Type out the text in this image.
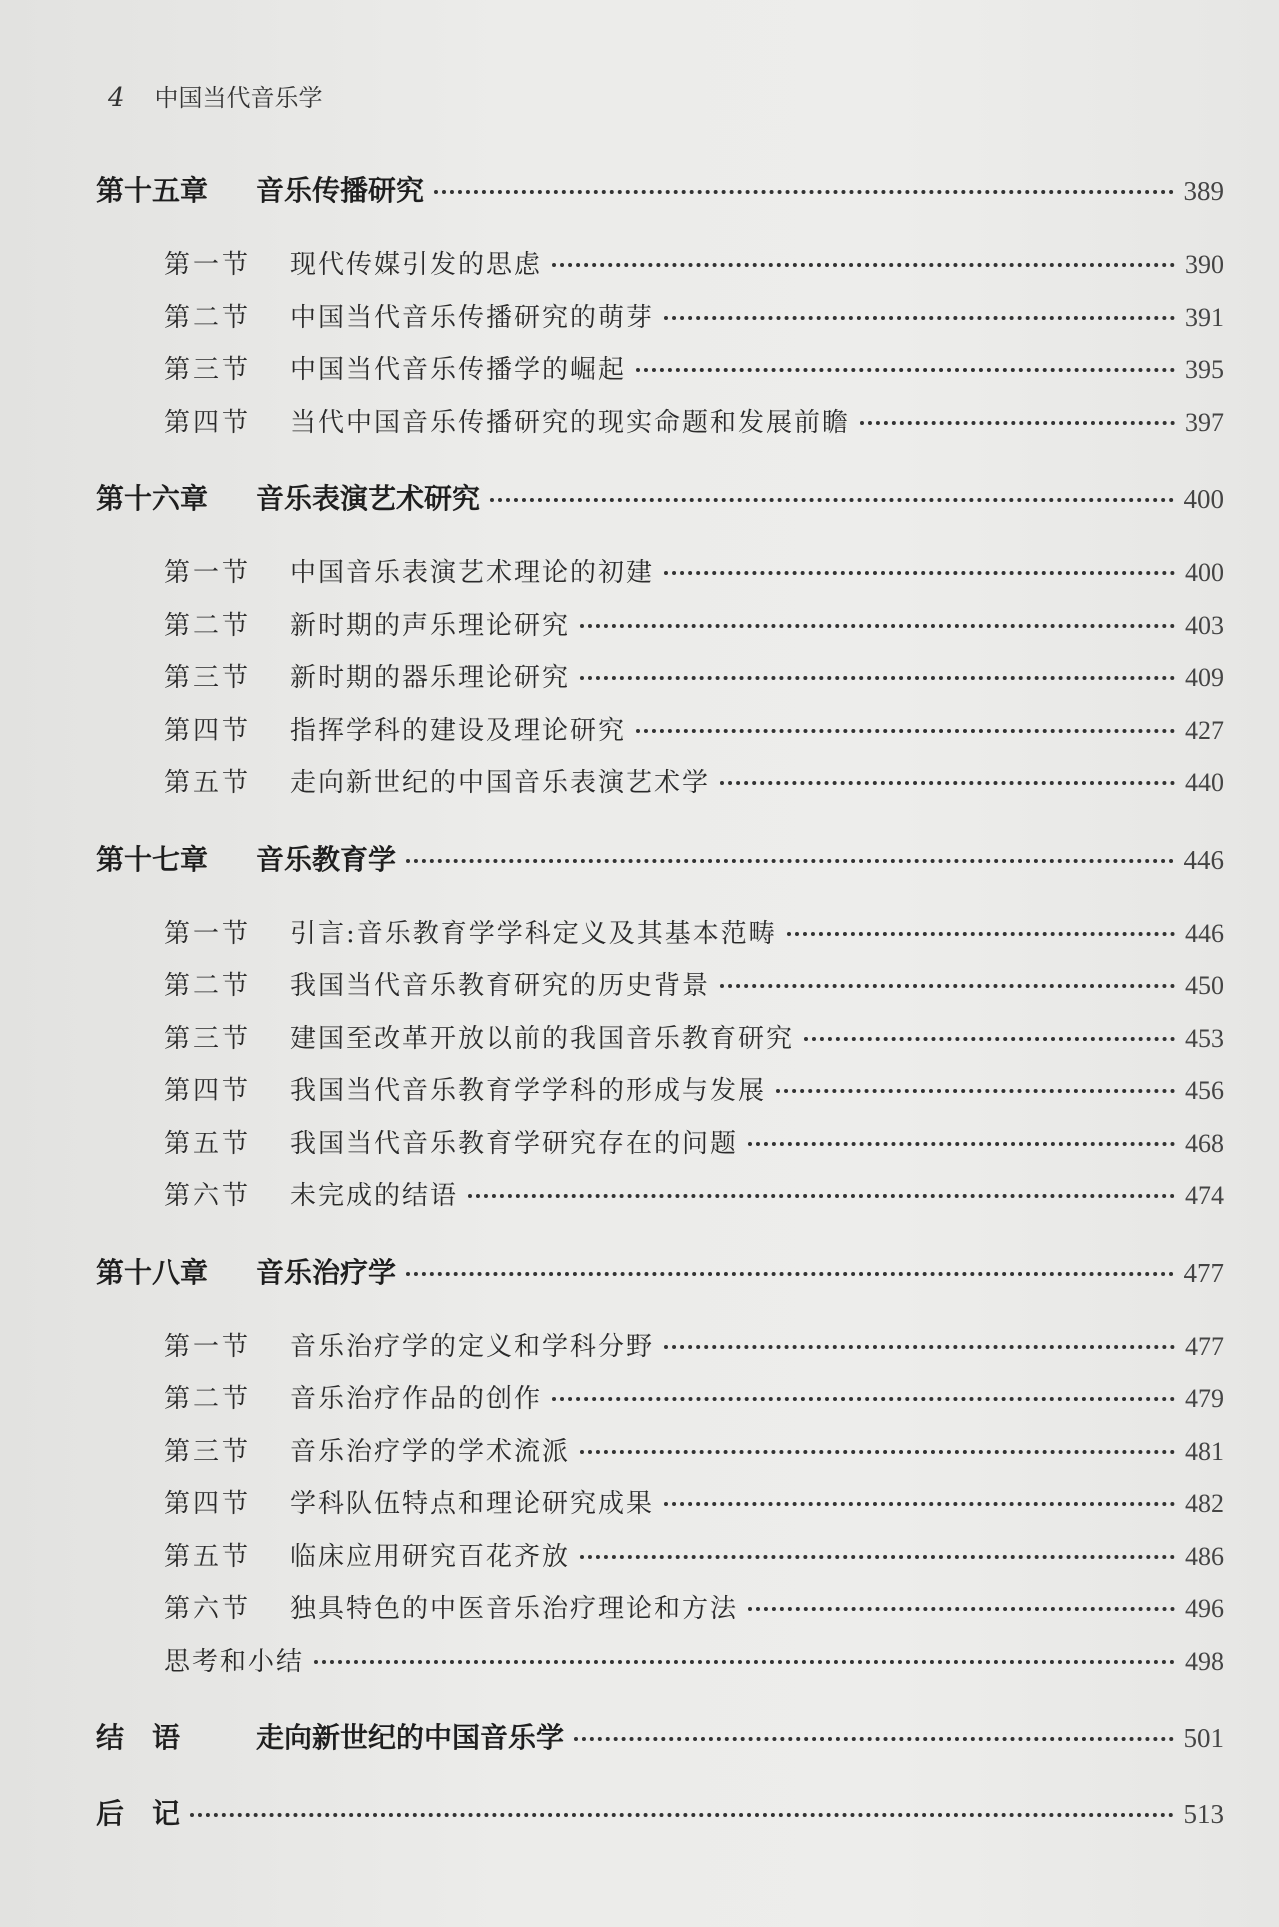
4 中国当代音乐学
第十五章	音乐传播研究	389
第一节	现代传媒引发的思虑	390
第二节	中国当代音乐传播研究的萌芽	391
第三节	中国当代音乐传播学的崛起	395
第四节	当代中国音乐传播研究的现实命题和发展前瞻	397
第十六章	音乐表演艺术研究	400
第一节	中国音乐表演艺术理论的初建	400
第二节	新时期的声乐理论研究	403
第三节	新时期的器乐理论研究	409
第四节	指挥学科的建设及理论研究	427
第五节	走向新世纪的中国音乐表演艺术学	440
第十七章	音乐教育学	446
第一节	引言:音乐教育学学科定义及其基本范畴	446
第二节	我国当代音乐教育研究的历史背景	450
第三节	建国至改革开放以前的我国音乐教育研究	453
第四节	我国当代音乐教育学学科的形成与发展	456
第五节	我国当代音乐教育学研究存在的问题	468
第六节	未完成的结语	474
第十八章	音乐治疗学	477
第一节	音乐治疗学的定义和学科分野	477
第二节	音乐治疗作品的创作	479
第三节	音乐治疗学的学术流派	481
第四节	学科队伍特点和理论研究成果	482
第五节	临床应用研究百花齐放	486
第六节	独具特色的中医音乐治疗理论和方法	496
思考和小结	498
结　语	走向新世纪的中国音乐学	501
后　记	513
